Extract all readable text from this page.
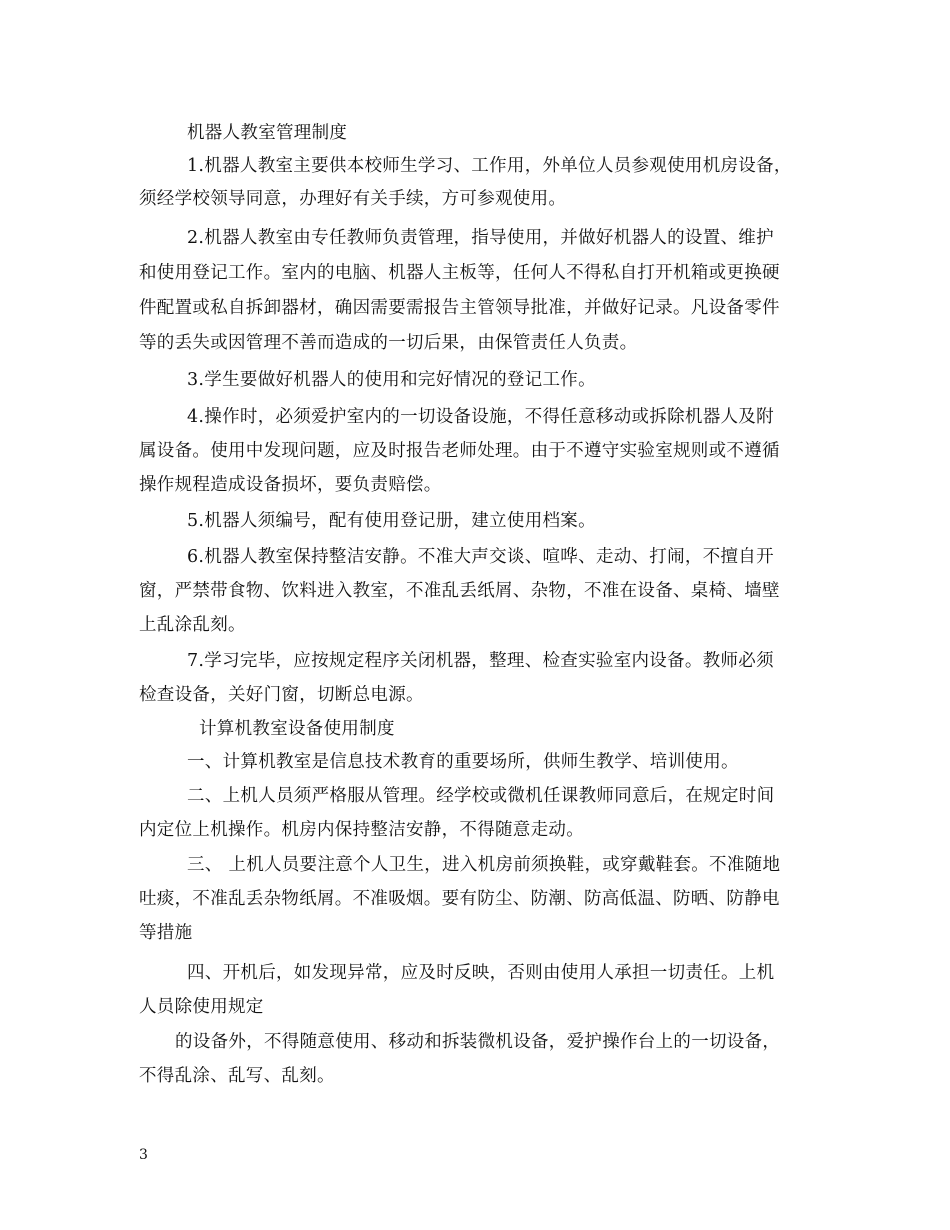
机器人教室管理制度
1.机器人教室主要供本校师生学习、工作用，外单位人员参观使用机房设备，
须经学校领导同意，办理好有关手续，方可参观使用。
2.机器人教室由专任教师负责管理，指导使用，并做好机器人的设置、维护
和使用登记工作。室内的电脑、机器人主板等，任何人不得私自打开机箱或更换硬
件配置或私自拆卸器材，确因需要需报告主管领导批准，并做好记录。凡设备零件
等的丢失或因管理不善而造成的一切后果，由保管责任人负责。
3.学生要做好机器人的使用和完好情况的登记工作。
4.操作时，必须爱护室内的一切设备设施，不得任意移动或拆除机器人及附
属设备。使用中发现问题，应及时报告老师处理。由于不遵守实验室规则或不遵循
操作规程造成设备损坏，要负责赔偿。
5.机器人须编号，配有使用登记册，建立使用档案。
6.机器人教室保持整洁安静。不准大声交谈、喧哗、走动、打闹，不擅自开
窗，严禁带食物、饮料进入教室，不准乱丢纸屑、杂物，不准在设备、桌椅、墙壁
上乱涂乱刻。
7.学习完毕，应按规定程序关闭机器，整理、检查实验室内设备。教师必须
检查设备，关好门窗，切断总电源。
计算机教室设备使用制度
一、计算机教室是信息技术教育的重要场所，供师生教学、培训使用。
二、上机人员须严格服从管理。经学校或微机任课教师同意后，在规定时间
内定位上机操作。机房内保持整洁安静，不得随意走动。
三、 上机人员要注意个人卫生，进入机房前须换鞋，或穿戴鞋套。不准随地
吐痰，不准乱丢杂物纸屑。不准吸烟。要有防尘、防潮、防高低温、防晒、防静电
等措施
四、开机后，如发现异常，应及时反映，否则由使用人承担一切责任。上机
人员除使用规定
的设备外，不得随意使用、移动和拆装微机设备，爱护操作台上的一切设备，
不得乱涂、乱写、乱刻。
3
